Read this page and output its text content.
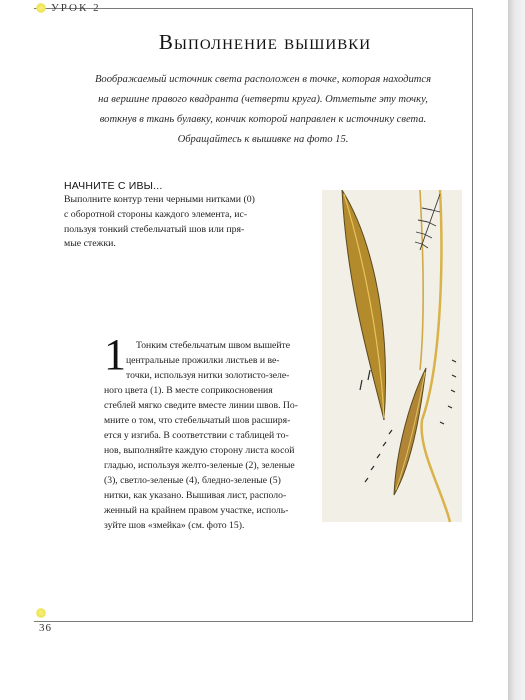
УРОК 2
Выполнение вышивки
Воображаемый источник света расположен в точке, которая находится
на вершине правого квадранта (четверти круга). Отметьте эту точку,
воткнув в ткань булавку, кончик которой направлен к источнику света.
Обращайтесь к вышивке на фото 15.
НАЧНИТЕ С ИВЫ...
Выполните контур тени черными нитками (0)
с оборотной стороны каждого элемента, ис-
пользуя тонкий стебельчатый шов или пря-
мые стежки.
1	Тонким стебельчатым швом вышейте
центральные прожилки листьев и ве-
точки, используя нитки золотисто-зеле-
ного цвета (1). В месте соприкосновения
стеблей мягко сведите вместе линии швов. По-
мните о том, что стебельчатый шов расширя-
ется у изгиба. В соответствии с таблицей то-
нов, выполняйте каждую сторону листа косой
гладью, используя желто-зеленые (2), зеленые
(3), светло-зеленые (4), бледно-зеленые (5)
нитки, как указано. Вышивая лист, располо-
женный на крайнем правом участке, исполь-
зуйте шов «змейка» (см. фото 15).
36
